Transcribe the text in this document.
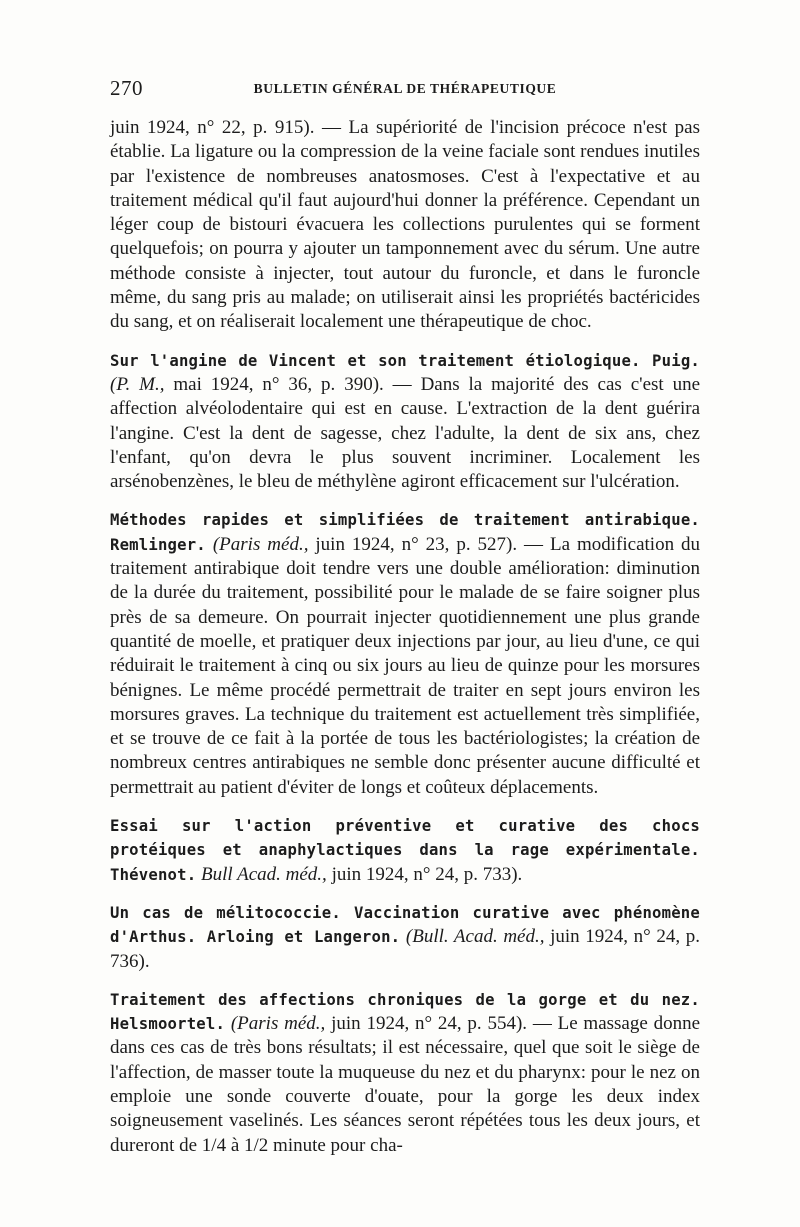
270	BULLETIN GÉNÉRAL DE THÉRAPEUTIQUE

juin 1924, n° 22, p. 915). — La supériorité de l'incision précoce n'est pas établie. La ligature ou la compression de la veine faciale sont rendues inutiles par l'existence de nombreuses anatosmoses. C'est à l'expectative et au traitement médical qu'il faut aujourd'hui donner la préférence. Cependant un léger coup de bistouri évacuera les collections purulentes qui se forment quelquefois; on pourra y ajouter un tamponnement avec du sérum. Une autre méthode consiste à injecter, tout autour du furoncle, et dans le furoncle même, du sang pris au malade; on utiliserait ainsi les propriétés bactéricides du sang, et on réaliserait localement une thérapeutique de choc.

Sur l'angine de Vincent et son traitement étiologique. Puig. (P. M., mai 1924, n° 36, p. 390). — Dans la majorité des cas c'est une affection alvéolodentaire qui est en cause. L'extraction de la dent guérira l'angine. C'est la dent de sagesse, chez l'adulte, la dent de six ans, chez l'enfant, qu'on devra le plus souvent incriminer. Localement les arsénobenzènes, le bleu de méthylène agiront efficacement sur l'ulcération.

Méthodes rapides et simplifiées de traitement antirabique. Remlinger. (Paris méd., juin 1924, n° 23, p. 527). — La modification du traitement antirabique doit tendre vers une double amélioration: diminution de la durée du traitement, possibilité pour le malade de se faire soigner plus près de sa demeure. On pourrait injecter quotidiennement une plus grande quantité de moelle, et pratiquer deux injections par jour, au lieu d'une, ce qui réduirait le traitement à cinq ou six jours au lieu de quinze pour les morsures bénignes. Le même procédé permettrait de traiter en sept jours environ les morsures graves. La technique du traitement est actuellement très simplifiée, et se trouve de ce fait à la portée de tous les bactériologistes; la création de nombreux centres antirabiques ne semble donc présenter aucune difficulté et permettrait au patient d'éviter de longs et coûteux déplacements.

Essai sur l'action préventive et curative des chocs protéiques et anaphylactiques dans la rage expérimentale. Thévenot. Bull Acad. méd., juin 1924, n° 24, p. 733).

Un cas de mélitococcie. Vaccination curative avec phénomène d'Arthus. Arloing et Langeron. (Bull. Acad. méd., juin 1924, n° 24, p. 736).

Traitement des affections chroniques de la gorge et du nez. Helsmoortel. (Paris méd., juin 1924, n° 24, p. 554). — Le massage donne dans ces cas de très bons résultats; il est nécessaire, quel que soit le siège de l'affection, de masser toute la muqueuse du nez et du pharynx: pour le nez on emploie une sonde couverte d'ouate, pour la gorge les deux index soigneusement vaselinés. Les séances seront répétées tous les deux jours, et dureront de 1/4 à 1/2 minute pour cha-
